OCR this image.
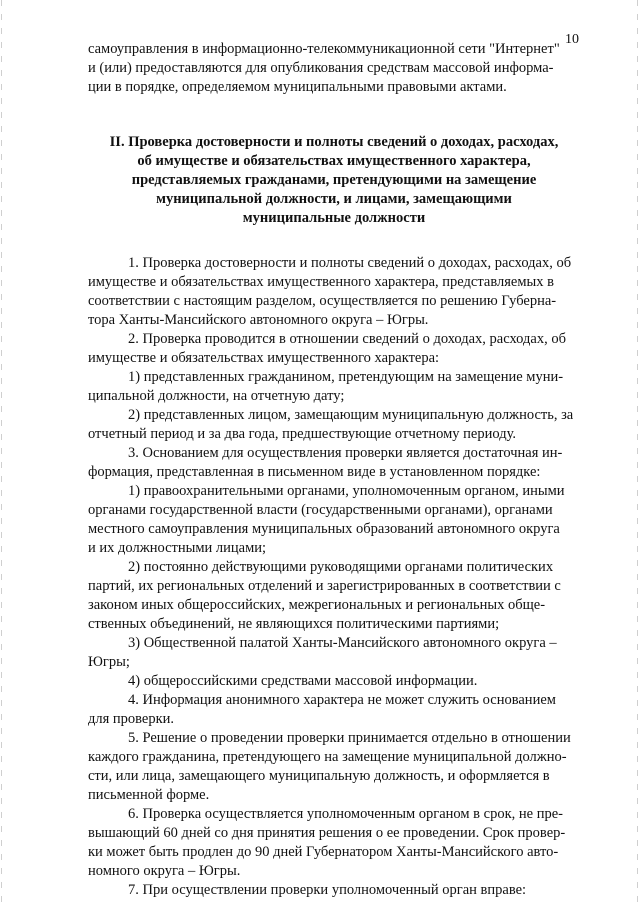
10

самоуправления в информационно-телекоммуникационной сети "Интернет"

и (или) предоставляются для опубликования средствам массовой информа-

ции в порядке, определяемом муниципальными правовыми актами.

II. Проверка достоверности и полноты сведений о доходах, расходах,
об имуществе и обязательствах имущественного характера,
представляемых гражданами, претендующими на замещение
муниципальной должности, и лицами, замещающими
муниципальные должности

1. Проверка достоверности и полноты сведений о доходах, расходах, об

имуществе и обязательствах имущественного характера, представляемых в

соответствии с настоящим разделом, осуществляется по решению Губерна-

тора Ханты-Мансийского автономного округа – Югры.

2. Проверка проводится в отношении сведений о доходах, расходах, об

имуществе и обязательствах имущественного характера:

1) представленных гражданином, претендующим на замещение муни-

ципальной должности, на отчетную дату;

2) представленных лицом, замещающим муниципальную должность, за

отчетный период и за два года, предшествующие отчетному периоду.

3. Основанием для осуществления проверки является достаточная ин-

формация, представленная в письменном виде в установленном порядке:

1) правоохранительными органами, уполномоченным органом, иными

органами государственной власти (государственными органами), органами

местного самоуправления муниципальных образований автономного округа

и их должностными лицами;

2) постоянно действующими руководящими органами политических

партий, их региональных отделений и зарегистрированных в соответствии с

законом иных общероссийских, межрегиональных и региональных обще-

ственных объединений, не являющихся политическими партиями;

3) Общественной палатой Ханты-Мансийского автономного округа –

Югры;

4) общероссийскими средствами массовой информации.

4. Информация анонимного характера не может служить основанием

для проверки.

5. Решение о проведении проверки принимается отдельно в отношении

каждого гражданина, претендующего на замещение муниципальной должно-

сти, или лица, замещающего муниципальную должность, и оформляется в

письменной форме.

6. Проверка осуществляется уполномоченным органом в срок, не пре-

вышающий 60 дней со дня принятия решения о ее проведении. Срок провер-

ки может быть продлен до 90 дней Губернатором Ханты-Мансийского авто-

номного округа – Югры.

7. При осуществлении проверки уполномоченный орган вправе:
